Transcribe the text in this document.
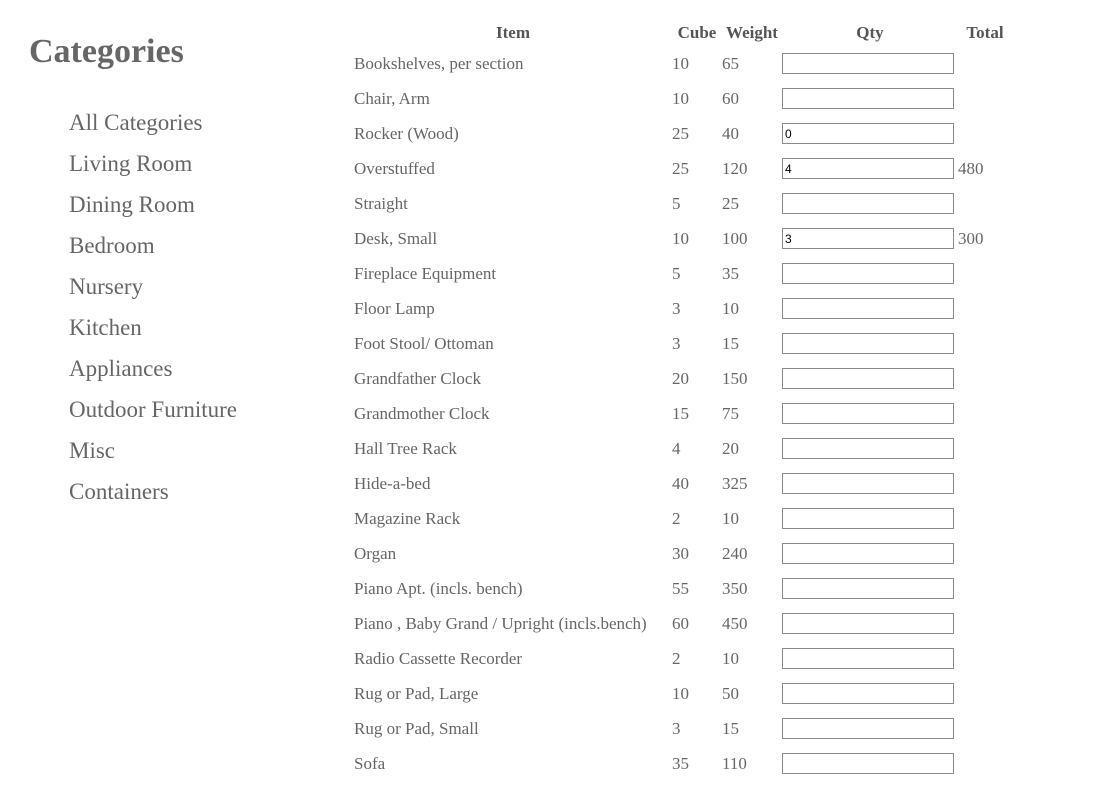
Categories
All Categories
Living Room
Dining Room
Bedroom
Nursery
Kitchen
Appliances
Outdoor Furniture
Misc
Containers
Item	Cube	Weight	Qty	Total
Bookshelves, per section	10	65		
Chair, Arm	10	60		
Rocker (Wood)	25	40	0	
Overstuffed	25	120	4	480
Straight	5	25		
Desk, Small	10	100	3	300
Fireplace Equipment	5	35		
Floor Lamp	3	10		
Foot Stool/ Ottoman	3	15		
Grandfather Clock	20	150		
Grandmother Clock	15	75		
Hall Tree Rack	4	20		
Hide-a-bed	40	325		
Magazine Rack	2	10		
Organ	30	240		
Piano Apt. (incls. bench)	55	350		
Piano , Baby Grand / Upright (incls.bench)	60	450		
Radio Cassette Recorder	2	10		
Rug or Pad, Large	10	50		
Rug or Pad, Small	3	15		
Sofa	35	110		
